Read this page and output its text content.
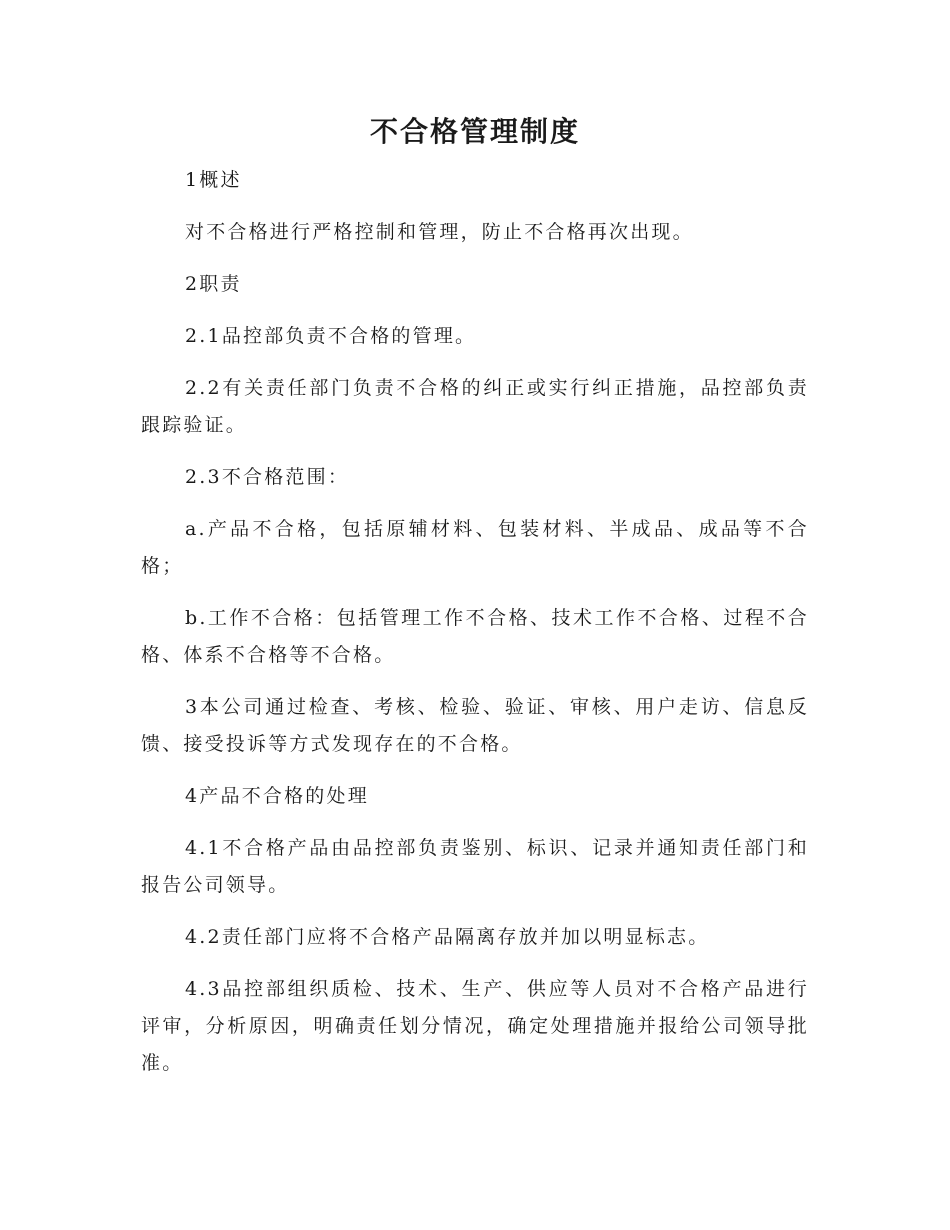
不合格管理制度

1概述

对不合格进行严格控制和管理，防止不合格再次出现。

2职责

2.1品控部负责不合格的管理。

2.2有关责任部门负责不合格的纠正或实行纠正措施，品控部负责跟踪验证。

2.3不合格范围：

a.产品不合格，包括原辅材料、包装材料、半成品、成品等不合格；

b.工作不合格：包括管理工作不合格、技术工作不合格、过程不合格、体系不合格等不合格。

3本公司通过检查、考核、检验、验证、审核、用户走访、信息反馈、接受投诉等方式发现存在的不合格。

4产品不合格的处理

4.1不合格产品由品控部负责鉴别、标识、记录并通知责任部门和报告公司领导。

4.2责任部门应将不合格产品隔离存放并加以明显标志。

4.3品控部组织质检、技术、生产、供应等人员对不合格产品进行评审，分析原因，明确责任划分情况，确定处理措施并报给公司领导批准。
